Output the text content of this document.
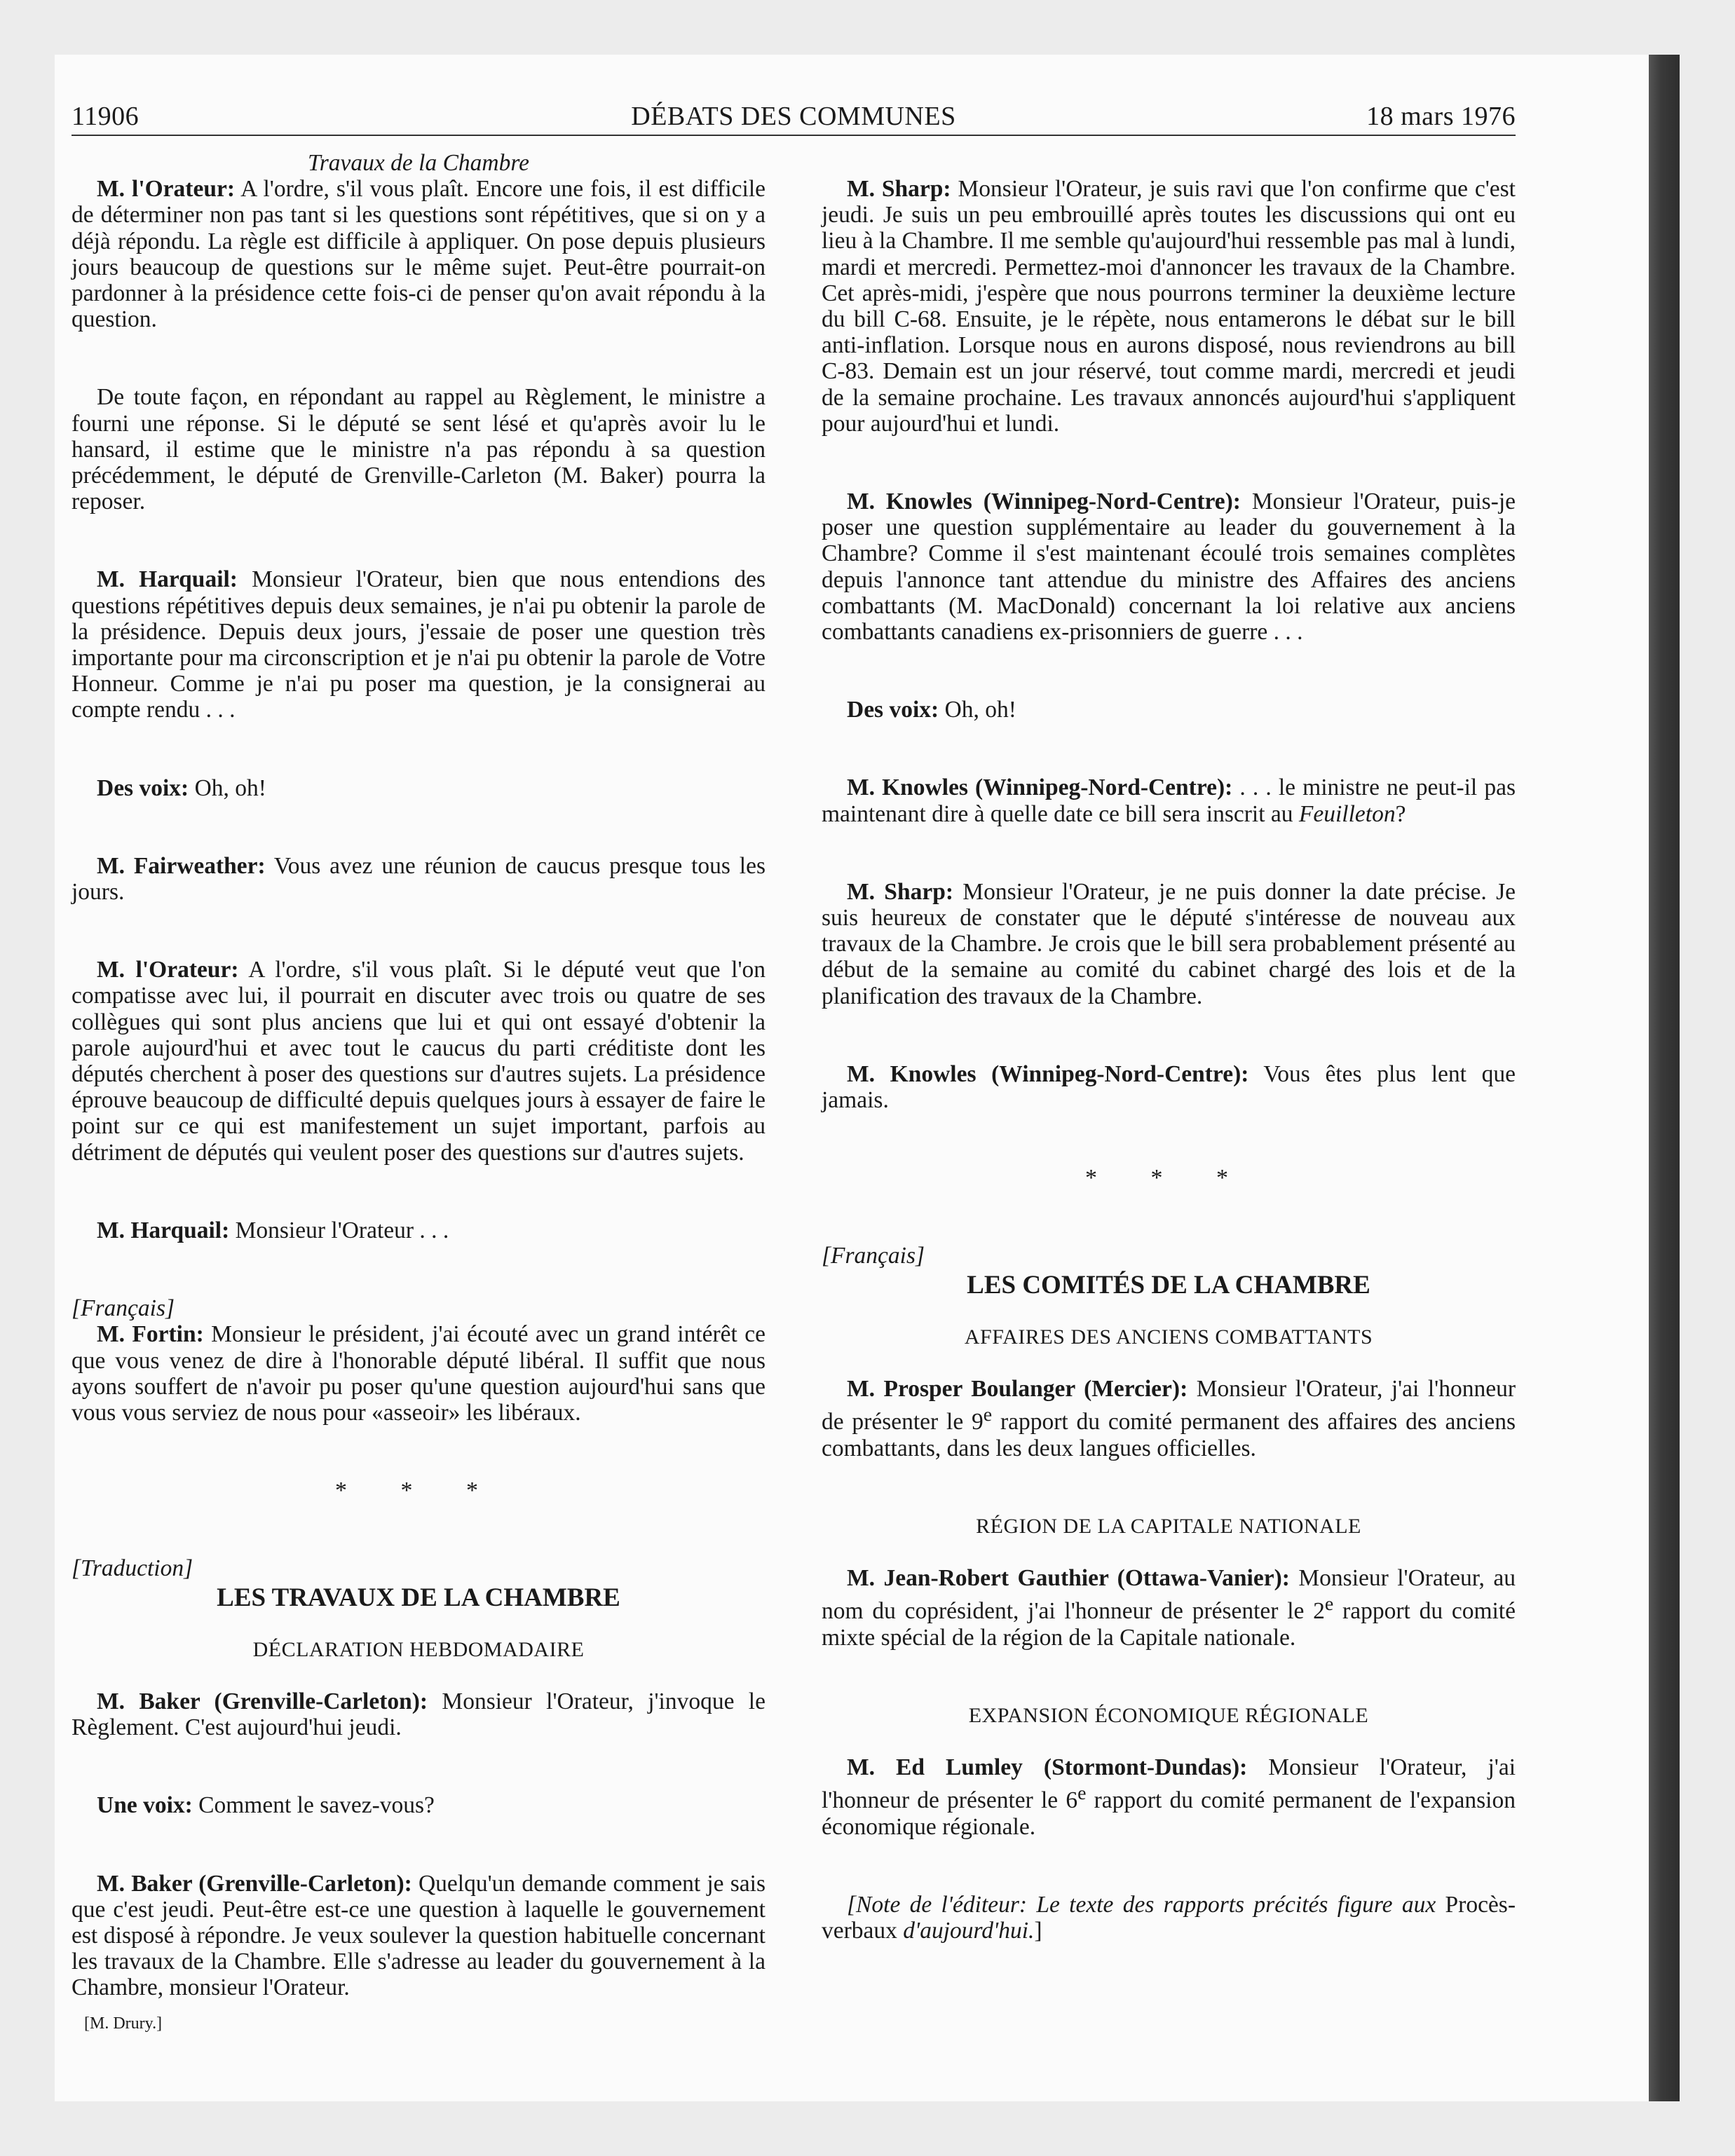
11906	DÉBATS DES COMMUNES	18 mars 1976

Travaux de la Chambre

M. l'Orateur: A l'ordre, s'il vous plaît. Encore une fois, il est difficile de déterminer non pas tant si les questions sont répétitives, que si on y a déjà répondu. La règle est difficile à appliquer. On pose depuis plusieurs jours beaucoup de questions sur le même sujet. Peut-être pourrait-on pardonner à la présidence cette fois-ci de penser qu'on avait répondu à la question.

De toute façon, en répondant au rappel au Règlement, le ministre a fourni une réponse. Si le député se sent lésé et qu'après avoir lu le hansard, il estime que le ministre n'a pas répondu à sa question précédemment, le député de Grenville-Carleton (M. Baker) pourra la reposer.

M. Harquail: Monsieur l'Orateur, bien que nous entendions des questions répétitives depuis deux semaines, je n'ai pu obtenir la parole de la présidence. Depuis deux jours, j'essaie de poser une question très importante pour ma circonscription et je n'ai pu obtenir la parole de Votre Honneur. Comme je n'ai pu poser ma question, je la consignerai au compte rendu . . .

Des voix: Oh, oh!

M. Fairweather: Vous avez une réunion de caucus presque tous les jours.

M. l'Orateur: A l'ordre, s'il vous plaît. Si le député veut que l'on compatisse avec lui, il pourrait en discuter avec trois ou quatre de ses collègues qui sont plus anciens que lui et qui ont essayé d'obtenir la parole aujourd'hui et avec tout le caucus du parti créditiste dont les députés cherchent à poser des questions sur d'autres sujets. La présidence éprouve beaucoup de difficulté depuis quelques jours à essayer de faire le point sur ce qui est manifestement un sujet important, parfois au détriment de députés qui veulent poser des questions sur d'autres sujets.

M. Harquail: Monsieur l'Orateur . . .

[Français]

M. Fortin: Monsieur le président, j'ai écouté avec un grand intérêt ce que vous venez de dire à l'honorable député libéral. Il suffit que nous ayons souffert de n'avoir pu poser qu'une question aujourd'hui sans que vous vous serviez de nous pour «asseoir» les libéraux.

* * *

[Traduction]

LES TRAVAUX DE LA CHAMBRE

DÉCLARATION HEBDOMADAIRE

M. Baker (Grenville-Carleton): Monsieur l'Orateur, j'invoque le Règlement. C'est aujourd'hui jeudi.

Une voix: Comment le savez-vous?

M. Baker (Grenville-Carleton): Quelqu'un demande comment je sais que c'est jeudi. Peut-être est-ce une question à laquelle le gouvernement est disposé à répondre. Je veux soulever la question habituelle concernant les travaux de la Chambre. Elle s'adresse au leader du gouvernement à la Chambre, monsieur l'Orateur.

[M. Drury.]

M. Sharp: Monsieur l'Orateur, je suis ravi que l'on confirme que c'est jeudi. Je suis un peu embrouillé après toutes les discussions qui ont eu lieu à la Chambre. Il me semble qu'aujourd'hui ressemble pas mal à lundi, mardi et mercredi. Permettez-moi d'annoncer les travaux de la Chambre. Cet après-midi, j'espère que nous pourrons terminer la deuxième lecture du bill C-68. Ensuite, je le répète, nous entamerons le débat sur le bill anti-inflation. Lorsque nous en aurons disposé, nous reviendrons au bill C-83. Demain est un jour réservé, tout comme mardi, mercredi et jeudi de la semaine prochaine. Les travaux annoncés aujourd'hui s'appliquent pour aujourd'hui et lundi.

M. Knowles (Winnipeg-Nord-Centre): Monsieur l'Orateur, puis-je poser une question supplémentaire au leader du gouvernement à la Chambre? Comme il s'est maintenant écoulé trois semaines complètes depuis l'annonce tant attendue du ministre des Affaires des anciens combattants (M. MacDonald) concernant la loi relative aux anciens combattants canadiens ex-prisonniers de guerre . . .

Des voix: Oh, oh!

M. Knowles (Winnipeg-Nord-Centre): . . . le ministre ne peut-il pas maintenant dire à quelle date ce bill sera inscrit au Feuilleton?

M. Sharp: Monsieur l'Orateur, je ne puis donner la date précise. Je suis heureux de constater que le député s'intéresse de nouveau aux travaux de la Chambre. Je crois que le bill sera probablement présenté au début de la semaine au comité du cabinet chargé des lois et de la planification des travaux de la Chambre.

M. Knowles (Winnipeg-Nord-Centre): Vous êtes plus lent que jamais.

* * *

[Français]

LES COMITÉS DE LA CHAMBRE

AFFAIRES DES ANCIENS COMBATTANTS

M. Prosper Boulanger (Mercier): Monsieur l'Orateur, j'ai l'honneur de présenter le 9e rapport du comité permanent des affaires des anciens combattants, dans les deux langues officielles.

RÉGION DE LA CAPITALE NATIONALE

M. Jean-Robert Gauthier (Ottawa-Vanier): Monsieur l'Orateur, au nom du coprésident, j'ai l'honneur de présenter le 2e rapport du comité mixte spécial de la région de la Capitale nationale.

EXPANSION ÉCONOMIQUE RÉGIONALE

M. Ed Lumley (Stormont-Dundas): Monsieur l'Orateur, j'ai l'honneur de présenter le 6e rapport du comité permanent de l'expansion économique régionale.

[Note de l'éditeur: Le texte des rapports précités figure aux Procès-verbaux d'aujourd'hui.]
